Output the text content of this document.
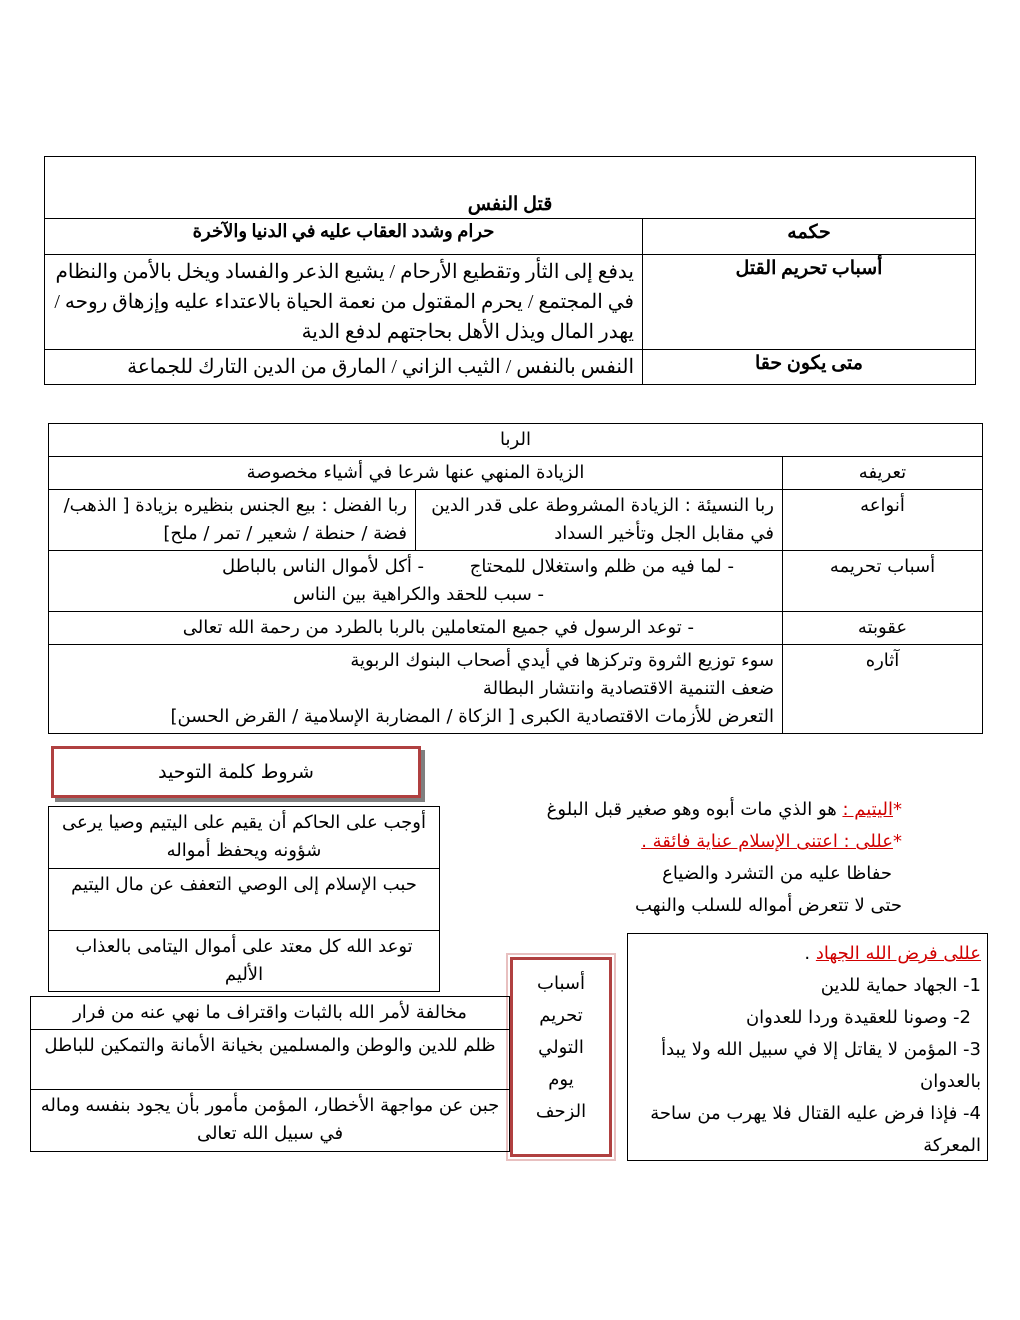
قتل النفس	
حكمه	حرام وشدد العقاب عليه في الدنيا والآخرة
أسباب تحريم القتل	يدفع إلى الثأر وتقطيع الأرحام / يشيع الذعر والفساد ويخل بالأمن والنظام في المجتمع / يحرم المقتول من نعمة الحياة بالاعتداء عليه وإزهاق روحه / يهدر المال ويذل الأهل بحاجتهم لدفع الدية
متى يكون حقا	النفس بالنفس / الثيب الزاني / المارق من الدين التارك للجماعة
الربا		
تعريفه	الزيادة المنهي عنها شرعا في أشياء مخصوصة	
أنواعه	ربا النسيئة : الزيادة المشروطة على قدر الدين في مقابل الجل وتأخير السداد	ربا الفضل : بيع الجنس بنظيره بزيادة [ الذهب/ فضة / حنطة / شعير / تمر / ملح]
أسباب تحريمه	- لما فيه من ظلم واستغلال للمحتاج - أكل لأموال الناس بالباطل
- سبب للحقد والكراهية بين الناس

عقوبته	- توعد الرسول في جميع المتعاملين بالربا بالطرد من رحمة الله تعالى
آثاره	سوء توزيع الثروة وتركزها في أيدي أصحاب البنوك الربوية
ضعف التنمية الاقتصادية وانتشار البطالة
التعرض للأزمات الاقتصادية الكبرى [ الزكاة / المضاربة الإسلامية / القرض الحسن]	
شروط كلمة التوحيد
أوجب على الحاكم أن يقيم على اليتيم وصيا يرعى شؤونه ويحفظ أمواله
حبب الإسلام إلى الوصي التعفف عن مال اليتيم
توعد الله كل معتد على أموال اليتامى بالعذاب الأليم
*اليتيم : هو الذي مات أبوه وهو صغير قبل البلوغ
*عللى : اعتنى الإسلام عناية فائقة .
حفاظا عليه من التشرد والضياع
حتى لا تتعرض أمواله للسلب والنهب
عللى فرض الله الجهاد .
1- الجهاد حماية للدين
2- وصونا للعقيدة وردا للعدوان
3- المؤمن لا يقاتل إلا في سبيل الله ولا يبدأ بالعدوان
4- فإذا فرض عليه القتال فلا يهرب من ساحة المعركة
أسباب
تحريم
التولي
يوم
الزحف
مخالفة لأمر الله بالثبات واقتراف ما نهي عنه من فرار
ظلم للدين والوطن والمسلمين بخيانة الأمانة والتمكين للباطل
جبن عن مواجهة الأخطار، المؤمن مأمور بأن يجود بنفسه وماله في سبيل الله تعالى
